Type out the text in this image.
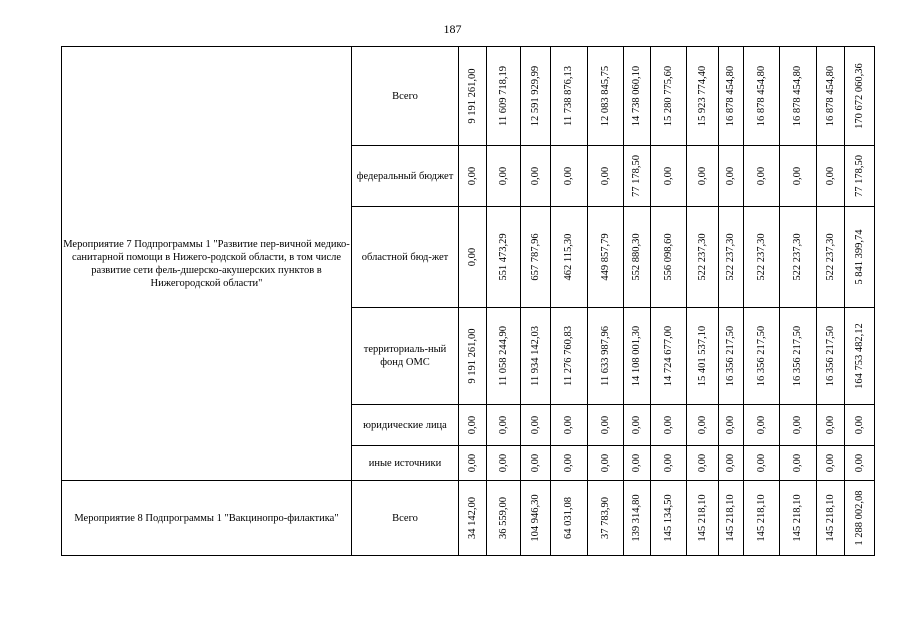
187
Мероприятие 7 Подпрограммы 1 "Развитие пер-вичной медико-санитарной помощи в Нижего-родской области, в том числе развитие сети фель-дшерско-акушерских пунктов в Нижегородской области"	Всего	9 191 261,00	11 609 718,19	12 591 929,99	11 738 876,13	12 083 845,75	14 738 060,10	15 280 775,60	15 923 774,40	16 878 454,80	16 878 454,80	16 878 454,80	16 878 454,80	170 672 060,36

	федеральный бюджет	0,00	0,00	0,00	0,00	0,00	77 178,50	0,00	0,00	0,00	0,00	0,00	0,00	77 178,50

	областной бюд-жет	0,00	551 473,29	657 787,96	462 115,30	449 857,79	552 880,30	556 098,60	522 237,30	522 237,30	522 237,30	522 237,30	522 237,30	5 841 399,74

	территориаль-ный фонд ОМС	9 191 261,00	11 058 244,90	11 934 142,03	11 276 760,83	11 633 987,96	14 108 001,30	14 724 677,00	15 401 537,10	16 356 217,50	16 356 217,50	16 356 217,50	16 356 217,50	164 753 482,12

	юридические лица	0,00	0,00	0,00	0,00	0,00	0,00	0,00	0,00	0,00	0,00	0,00	0,00	0,00

	иные источники	0,00	0,00	0,00	0,00	0,00	0,00	0,00	0,00	0,00	0,00	0,00	0,00	0,00

Мероприятие 8 Подпрограммы 1 "Вакцинопро-филактика"	Всего	34 142,00	36 559,00	104 946,30	64 031,08	37 783,90	139 314,80	145 134,50	145 218,10	145 218,10	145 218,10	145 218,10	145 218,10	1 288 002,08
